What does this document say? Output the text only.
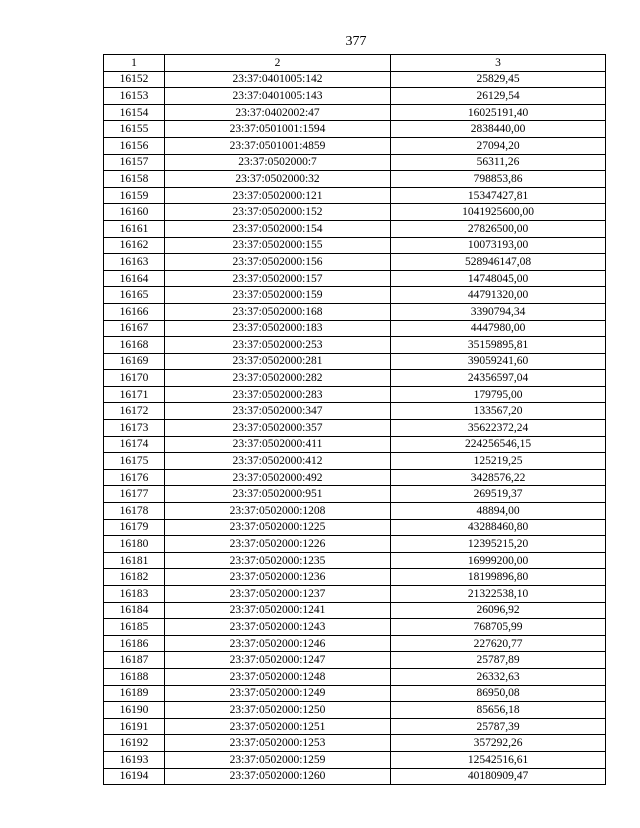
377
1	2	3
16152	23:37:0401005:142	25829,45
16153	23:37:0401005:143	26129,54
16154	23:37:0402002:47	16025191,40
16155	23:37:0501001:1594	2838440,00
16156	23:37:0501001:4859	27094,20
16157	23:37:0502000:7	56311,26
16158	23:37:0502000:32	798853,86
16159	23:37:0502000:121	15347427,81
16160	23:37:0502000:152	1041925600,00
16161	23:37:0502000:154	27826500,00
16162	23:37:0502000:155	10073193,00
16163	23:37:0502000:156	528946147,08
16164	23:37:0502000:157	14748045,00
16165	23:37:0502000:159	44791320,00
16166	23:37:0502000:168	3390794,34
16167	23:37:0502000:183	4447980,00
16168	23:37:0502000:253	35159895,81
16169	23:37:0502000:281	39059241,60
16170	23:37:0502000:282	24356597,04
16171	23:37:0502000:283	179795,00
16172	23:37:0502000:347	133567,20
16173	23:37:0502000:357	35622372,24
16174	23:37:0502000:411	224256546,15
16175	23:37:0502000:412	125219,25
16176	23:37:0502000:492	3428576,22
16177	23:37:0502000:951	269519,37
16178	23:37:0502000:1208	48894,00
16179	23:37:0502000:1225	43288460,80
16180	23:37:0502000:1226	12395215,20
16181	23:37:0502000:1235	16999200,00
16182	23:37:0502000:1236	18199896,80
16183	23:37:0502000:1237	21322538,10
16184	23:37:0502000:1241	26096,92
16185	23:37:0502000:1243	768705,99
16186	23:37:0502000:1246	227620,77
16187	23:37:0502000:1247	25787,89
16188	23:37:0502000:1248	26332,63
16189	23:37:0502000:1249	86950,08
16190	23:37:0502000:1250	85656,18
16191	23:37:0502000:1251	25787,39
16192	23:37:0502000:1253	357292,26
16193	23:37:0502000:1259	12542516,61
16194	23:37:0502000:1260	40180909,47
